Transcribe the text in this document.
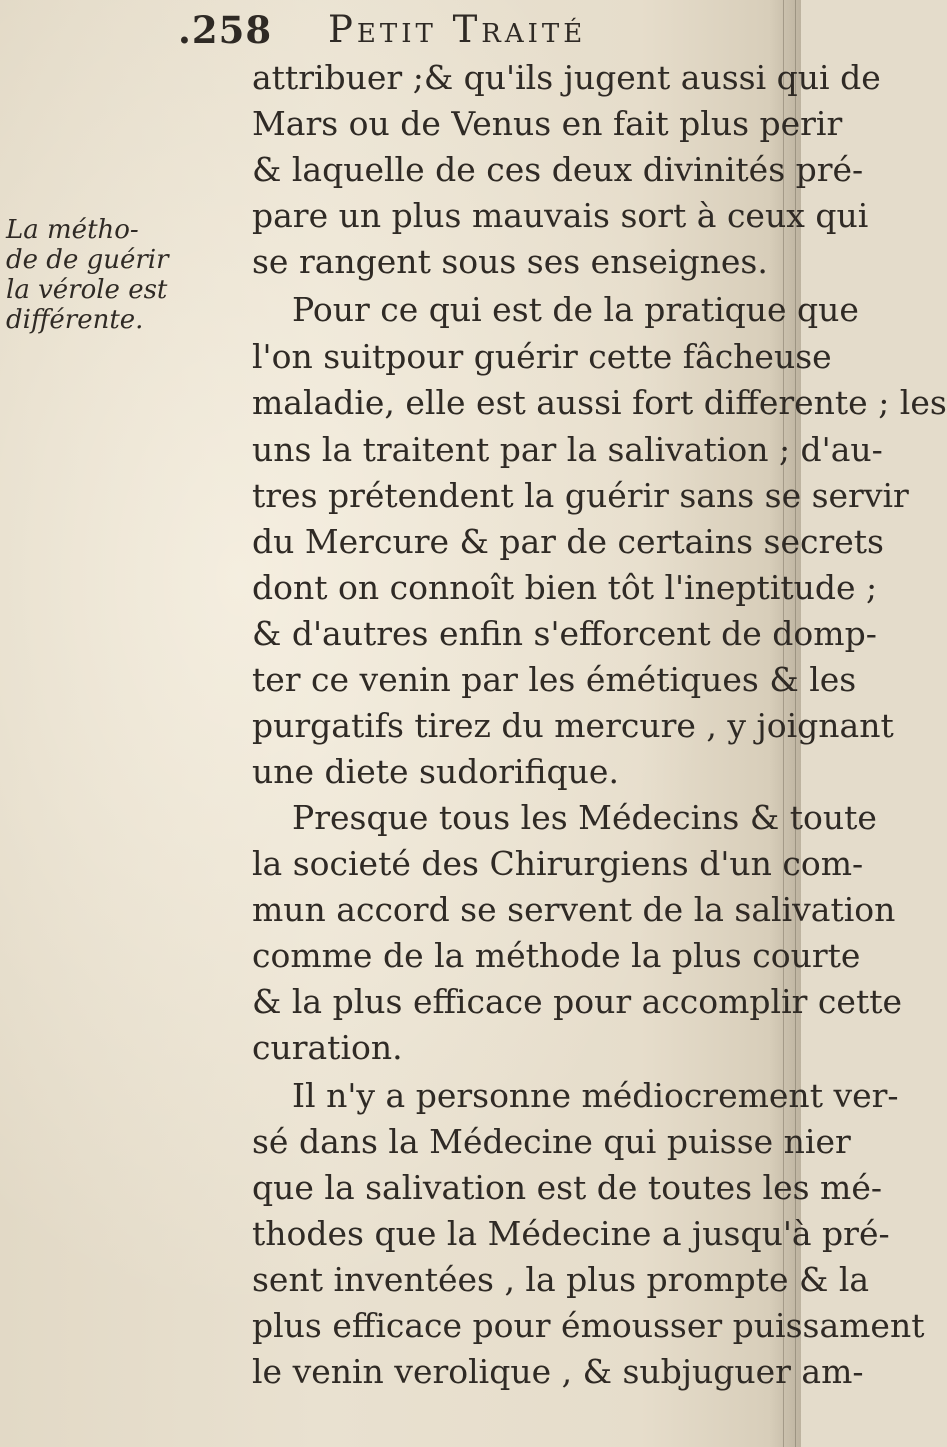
.258 Petit Traité
La métho-
de de guérir
la vérole est
différente.
attribuer ;& qu'ils jugent aussi qui de
Mars ou de Venus en fait plus perir
& laquelle de ces deux divinités pré-
pare un plus mauvais sort à ceux qui
se rangent sous ses enseignes.
Pour ce qui est de la pratique que
l'on suitpour guérir cette fâcheuse
maladie, elle est aussi fort differente ; les
uns la traitent par la salivation ; d'au-
tres prétendent la guérir sans se servir
du Mercure & par de certains secrets
dont on connoît bien tôt l'ineptitude ;
& d'autres enfin s'efforcent de domp-
ter ce venin par les émétiques & les
purgatifs tirez du mercure , y joignant
une diete sudorifique.
Presque tous les Médecins & toute
la societé des Chirurgiens d'un com-
mun accord se servent de la salivation
comme de la méthode la plus courte
& la plus efficace pour accomplir cette
curation.
Il n'y a personne médiocrement ver-
sé dans la Médecine qui puisse nier
que la salivation est de toutes les mé-
thodes que la Médecine a jusqu'à pré-
sent inventées , la plus prompte & la
plus efficace pour émousser puissament
le venin verolique , & subjuguer am-
